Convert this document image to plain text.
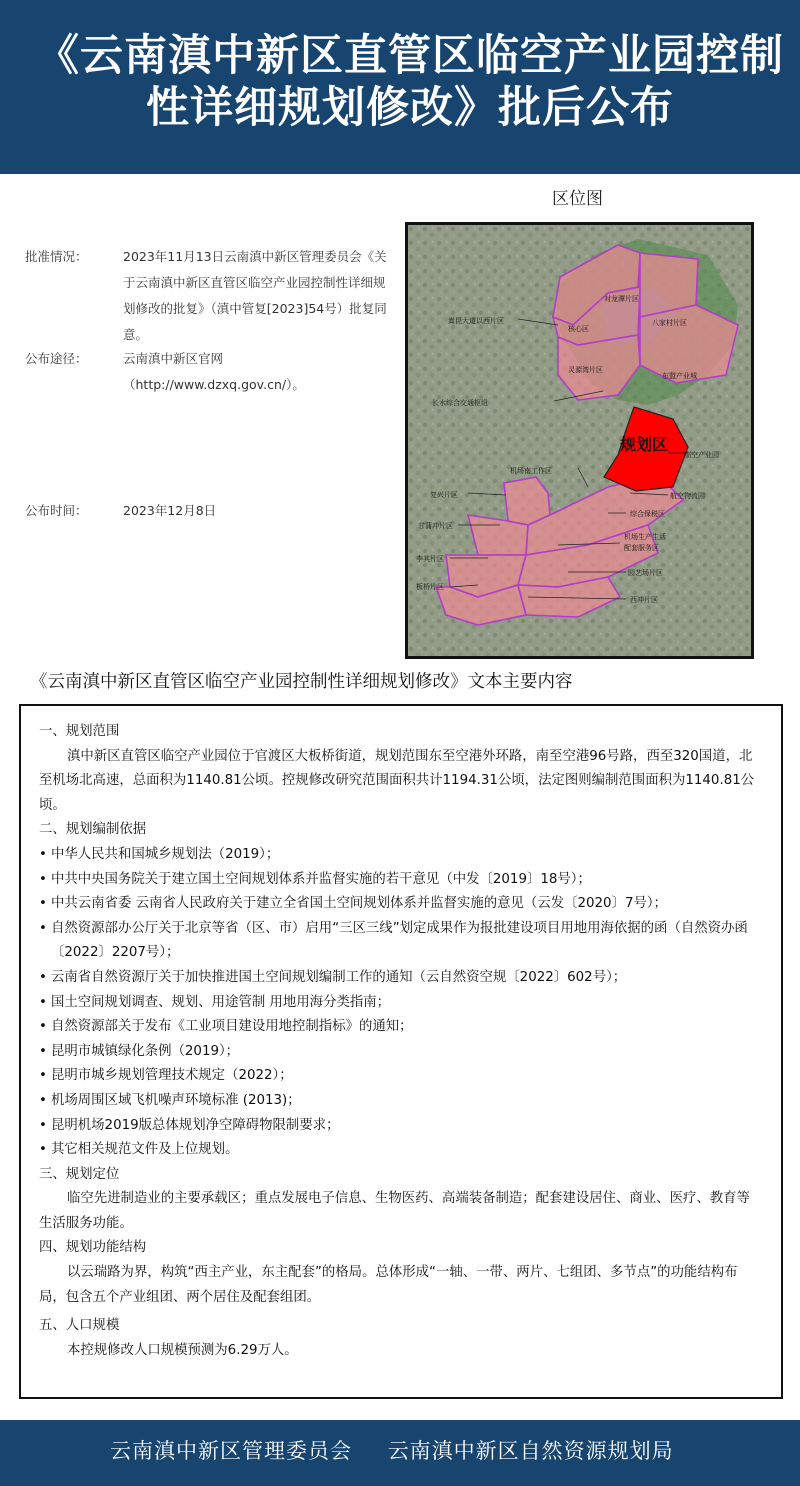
《云南滇中新区直管区临空产业园控制性详细规划修改》批后公布
区位图
批准情况：	2023年11月13日云南滇中新区管理委员会《关于云南滇中新区直管区临空产业园控制性详细规划修改的批复》（滇中管复[2023]54号）批复同意。
公布途径：	云南滇中新区官网（http://www.dzxq.gov.cn/）。
公布时间：	2023年12月8日
规划区
对龙潭片区
嵩昆大道以西片区
核心区
八家村片区
灵源湾片区
东盟产业城
长水综合交通枢纽
临空产业园
机场南工作区
复兴片区	航空物流园
综合保税区
甘蒲冲片区
机场生产生活
配套服务区
李其片区
园艺场片区
板桥片区
西冲片区
《云南滇中新区直管区临空产业园控制性详细规划修改》文本主要内容
一、规划范围
滇中新区直管区临空产业园位于官渡区大板桥街道，规划范围东至空港外环路，南至空港96号路，西至320国道，北至机场北高速，总面积为1140.81公顷。控规修改研究范围面积共计1194.31公顷，法定图则编制范围面积为1140.81公顷。
二、规划编制依据
• 中华人民共和国城乡规划法（2019）；
• 中共中央国务院关于建立国土空间规划体系并监督实施的若干意见（中发〔2019〕18号）；
• 中共云南省委 云南省人民政府关于建立全省国土空间规划体系并监督实施的意见（云发〔2020〕7号）；
• 自然资源部办公厅关于北京等省（区、市）启用“三区三线”划定成果作为报批建设项目用地用海依据的函（自然资办函〔2022〕2207号）；
• 云南省自然资源厅关于加快推进国土空间规划编制工作的通知（云自然资空规〔2022〕602号）；
• 国土空间规划调查、规划、用途管制 用地用海分类指南；
• 自然资源部关于发布《工业项目建设用地控制指标》的通知；
• 昆明市城镇绿化条例（2019）；
• 昆明市城乡规划管理技术规定（2022）；
• 机场周围区域飞机噪声环境标准 (2013)；
• 昆明机场2019版总体规划净空障碍物限制要求；
• 其它相关规范文件及上位规划。
三、规划定位
临空先进制造业的主要承载区；重点发展电子信息、生物医药、高端装备制造；配套建设居住、商业、医疗、教育等生活服务功能。
四、规划功能结构
以云瑞路为界，构筑“西主产业，东主配套”的格局。总体形成“一轴、一带、两片、七组团、多节点”的功能结构布局，包含五个产业组团、两个居住及配套组团。
五、人口规模
本控规修改人口规模预测为6.29万人。
云南滇中新区管理委员会 云南滇中新区自然资源规划局
